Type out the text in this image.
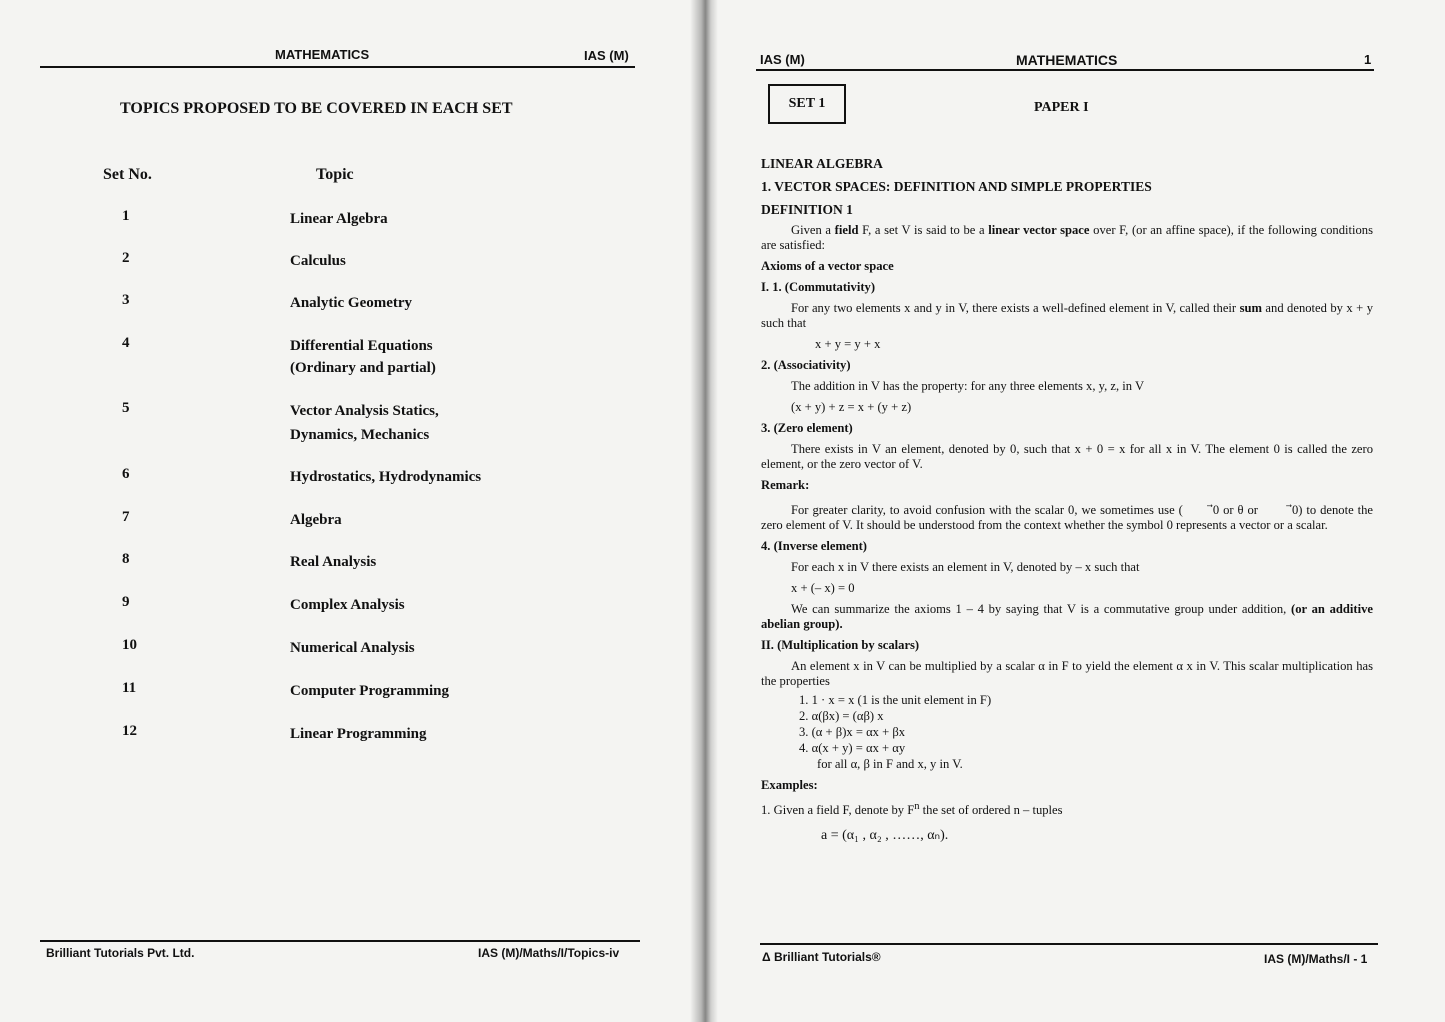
MATHEMATICS	IAS (M)
TOPICS PROPOSED TO BE COVERED IN EACH SET
Set No.	Topic
1	Linear Algebra
2	Calculus
3	Analytic Geometry
4	Differential Equations
(Ordinary and partial)
5	Vector Analysis Statics,
Dynamics, Mechanics
6	Hydrostatics, Hydrodynamics
7	Algebra
8	Real Analysis
9	Complex Analysis
10	Numerical Analysis
11	Computer Programming
12	Linear Programming
Brilliant Tutorials Pvt. Ltd.	IAS (M)/Maths/I/Topics-iv
IAS (M)	MATHEMATICS	1
SET 1	PAPER I

LINEAR ALGEBRA

1. VECTOR SPACES: DEFINITION AND SIMPLE PROPERTIES

DEFINITION 1

Given a field F, a set V is said to be a linear vector space over F, (or an affine space), if the following conditions are satisfied:

Axioms of a vector space

I. 1. (Commutativity)

For any two elements x and y in V, there exists a well-defined element in V, called their sum and denoted by x + y such that

x + y = y + x

2. (Associativity)

The addition in V has the property: for any three elements x, y, z, in V

(x + y) + z = x + (y + z)

3. (Zero element)

There exists in V an element, denoted by 0, such that x + 0 = x for all x in V. The element 0 is called the zero element, or the zero vector of V.

Remark:

For greater clarity, to avoid confusion with the scalar 0, we sometimes use ( 0 or θ or 0) to denote the zero element of V. It should be understood from the context whether the symbol 0 represents a vector or a scalar.

4. (Inverse element)

For each x in V there exists an element in V, denoted by – x such that

x + (– x) = 0

We can summarize the axioms 1 – 4 by saying that V is a commutative group under addition, (or an additive abelian group).

II. (Multiplication by scalars)

An element x in V can be multiplied by a scalar α in F to yield the element α x in V. This scalar multiplication has the properties

1. 1 · x = x (1 is the unit element in F)
2. α(βx) = (αβ) x
3. (α + β)x = αx + βx
4. α(x + y) = αx + αy
for all α, β in F and x, y in V.

Examples:

1. Given a field F, denote by $F^n$ the set of ordered n – tuples

a = (α₁ , α₂ , ……, αₙ).

Δ Brilliant Tutorials®	IAS (M)/Maths/I - 1
